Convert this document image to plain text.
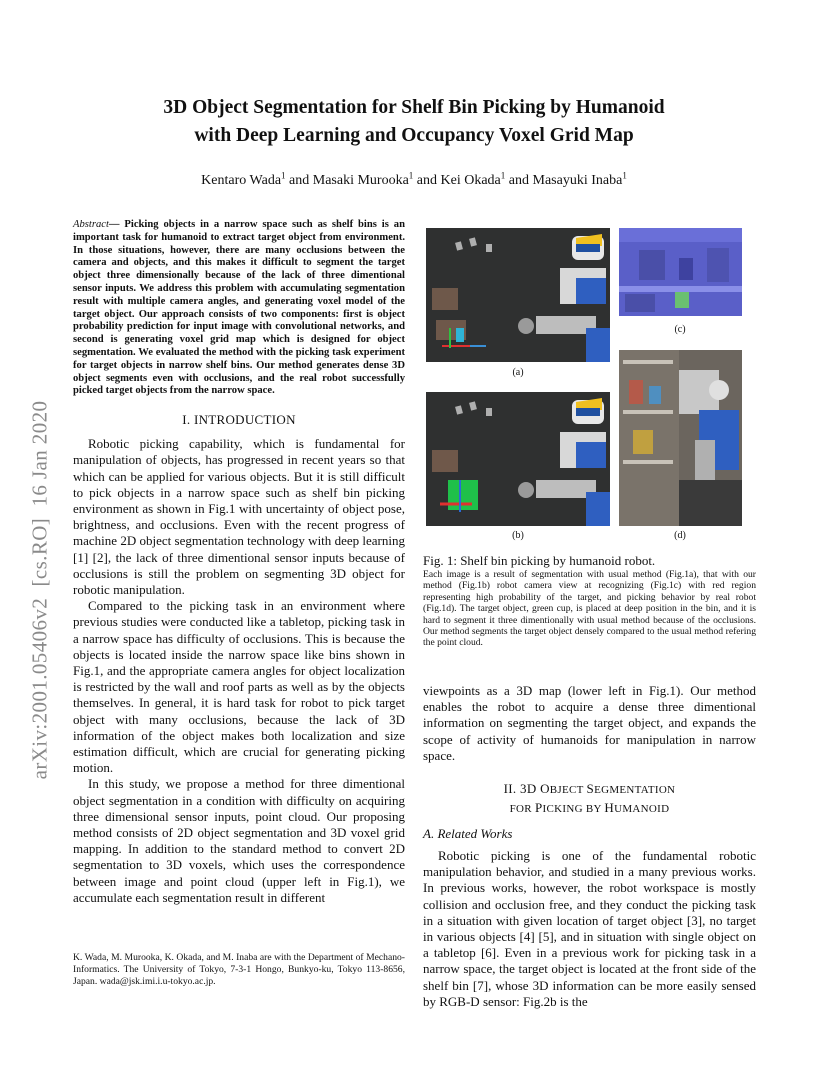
3D Object Segmentation for Shelf Bin Picking by Humanoid
with Deep Learning and Occupancy Voxel Grid Map
Kentaro Wada$^1$ and Masaki Murooka$^1$ and Kei Okada$^1$ and Masayuki Inaba$^1$
arXiv:2001.05406v2  [cs.RO]  16 Jan 2020

Abstract— Picking objects in a narrow space such as shelf bins is an important task for humanoid to extract target object from environment. In those situations, however, there are many occlusions between the camera and objects, and this makes it difficult to segment the target object three dimensionally because of the lack of three dimentional sensor inputs. We address this problem with accumulating segmentation result with multiple camera angles, and generating voxel model of the target object. Our approach consists of two components: first is object probability prediction for input image with convolutional networks, and second is generating voxel grid map which is designed for object segmentation. We evaluated the method with the picking task experiment for target objects in narrow shelf bins. Our method generates dense 3D object segments even with occlusions, and the real robot successfully picked target objects from the narrow space.

I. INTRODUCTION

Robotic picking capability, which is fundamental for manipulation of objects, has progressed in recent years so that which can be applied for various objects. But it is still difficult to pick objects in a narrow space such as shelf bin picking environment as shown in Fig.1 with uncertainty of object pose, brightness, and occlusions. Even with the recent progress of machine 2D object segmentation technology with deep learning [1] [2], the lack of three dimentional sensor inputs because of occlusions is still the problem on segmenting 3D object for robotic manipulation.

Compared to the picking task in an environment where previous studies were conducted like a tabletop, picking task in a narrow space has difficulty of occlusions. This is because the objects is located inside the narrow space like bins shown in Fig.1, and the appropriate camera angles for object localization is restricted by the wall and roof parts as well as by the objects themselves. In general, it is hard task for robot to pick target object with many occlusions, because the lack of 3D information of the object makes both localization and size estimation difficult, which are crucial for generating picking motion.

In this study, we propose a method for three dimentional object segmentation in a condition with difficulty on acquiring three dimensional sensor inputs, point cloud. Our proposing method consists of 2D object segmentation and 3D voxel grid mapping. In addition to the standard method to convert 2D segmentation to 3D voxels, which uses the correspondence between image and point cloud (upper left in Fig.1), we accumulate each segmentation result in different

K. Wada, M. Murooka, K. Okada, and M. Inaba are with the Department of Mechano-Informatics. The University of Tokyo, 7-3-1 Hongo, Bunkyo-ku, Tokyo 113-8656, Japan. wada@jsk.imi.i.u-tokyo.ac.jp.
(a)
(b)
(c)
(d)
Fig. 1: Shelf bin picking by humanoid robot.
Each image is a result of segmentation with usual method (Fig.1a), that with our method (Fig.1b) robot camera view at recognizing (Fig.1c) with red region representing high probability of the target, and picking behavior by real robot (Fig.1d). The target object, green cup, is placed at deep position in the bin, and it is hard to segment it three dimentionally with usual method because of the occlusions. Our method segments the target object densely compared to the usual method refering the point cloud.

viewpoints as a 3D map (lower left in Fig.1). Our method enables the robot to acquire a dense three dimentional information on segmenting the target object, and expands the scope of activity of humanoids for manipulation in narrow space.

II. 3D OBJECT SEGMENTATION
FOR PICKING BY HUMANOID
A. Related Works

Robotic picking is one of the fundamental robotic manipulation behavior, and studied in a many previous works. In previous works, however, the robot workspace is mostly collision and occlusion free, and they conduct the picking task in a situation with given location of target object [3], no target in various objects [4] [5], and in situation with single object on a tabletop [6]. Even in a previous work for picking task in a narrow space, the target object is located at the front side of the shelf bin [7], whose 3D information can be more easily sensed by RGB-D sensor: Fig.2b is the
